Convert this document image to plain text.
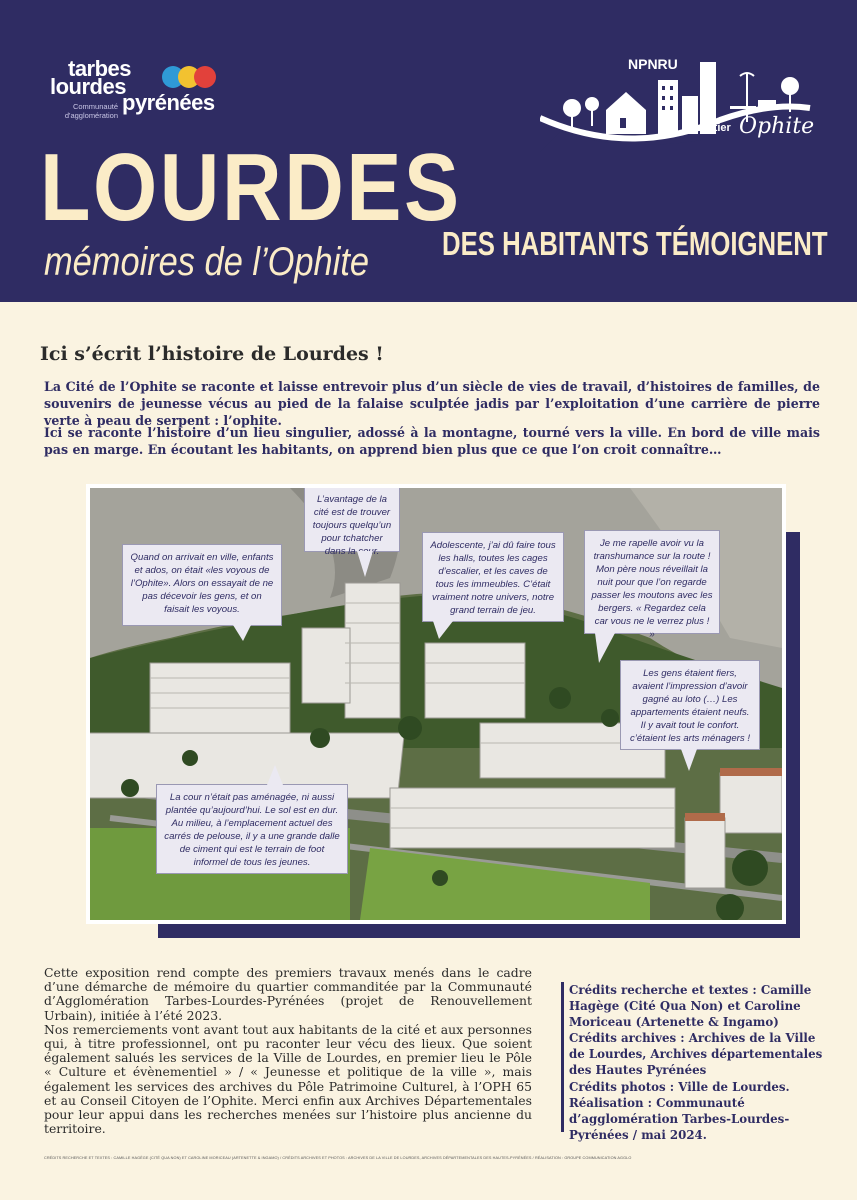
tarbes
lourdes
pyrénées
Communauté d'agglomération
NPNRU
Quartier Ophite
LOURDES
mémoires de l’Ophite DES HABITANTS TÉMOIGNENT
Ici s’écrit l’histoire de Lourdes !
La Cité de l’Ophite se raconte et laisse entrevoir plus d’un siècle de vies de travail, d’histoires de familles, de souvenirs de jeunesse vécus au pied de la falaise sculptée jadis par l’exploitation d’une carrière de pierre verte à peau de serpent : l’ophite.
Ici se raconte l’histoire d’un lieu singulier, adossé à la montagne, tourné vers la ville. En bord de ville mais pas en marge. En écoutant les habitants, on apprend bien plus que ce que l’on croit connaître…
Quand on arrivait en ville, enfants et ados, on était «les voyous de l’Ophite». Alors on essayait de ne pas décevoir les gens, et on faisait les voyous.
L’avantage de la cité est de trouver toujours quelqu’un pour tchatcher dans la cour.
Adolescente, j’ai dû faire tous les halls, toutes les cages d’escalier, et les caves de tous les immeubles. C’était vraiment notre univers, notre grand terrain de jeu.
Je me rapelle avoir vu la transhumance sur la route ! Mon père nous réveillait la nuit pour que l’on regarde passer les moutons avec les bergers. « Regardez cela car vous ne le verrez plus ! »
Les gens étaient fiers, avaient l’impression d’avoir gagné au loto (…) Les appartements étaient neufs. Il y avait tout le confort. c’étaient les arts ménagers !
La cour n’était pas aménagée, ni aussi plantée qu’aujourd’hui. Le sol est en dur. Au milieu, à l’emplacement actuel des carrés de pelouse, il y a une grande dalle de ciment qui est le terrain de foot informel de tous les jeunes.

Cette exposition rend compte des premiers travaux menés dans le cadre d’une démarche de mémoire du quartier commanditée par la Communauté d’Agglomération Tarbes-Lourdes-Pyrénées (projet de Renouvellement Urbain), initiée à l’été 2023.

Nos remerciements vont avant tout aux habitants de la cité et aux personnes qui, à titre professionnel, ont pu raconter leur vécu des lieux. Que soient également salués les services de la Ville de Lourdes, en premier lieu le Pôle « Culture et évènementiel » / « Jeunesse et politique de la ville », mais également les services des archives du Pôle Patrimoine Culturel, à l’OPH 65 et au Conseil Citoyen de l’Ophite. Merci enfin aux Archives Départementales pour leur appui dans les recherches menées sur l’histoire plus ancienne du territoire.

Crédits recherche et textes : Camille Hagège (Cité Qua Non) et Caroline Moriceau (Artenette & Ingamo)

Crédits archives : Archives de la Ville de Lourdes, Archives départementales des Hautes Pyrénées

Crédits photos : Ville de Lourdes.

Réalisation : Communauté d’agglomération Tarbes-Lourdes-Pyrénées / mai 2024.

CRÉDITS RECHERCHE ET TEXTES : CAMILLE HAGÈGE (CITÉ QUA NON) ET CAROLINE MORICEAU (ARTENETTE & INGAMO) / CRÉDITS ARCHIVES ET PHOTOS : ARCHIVES DE LA VILLE DE LOURDES, ARCHIVES DÉPARTEMENTALES DES HAUTES-PYRÉNÉES / RÉALISATION : GROUPE COMMUNICATION AGGLO
